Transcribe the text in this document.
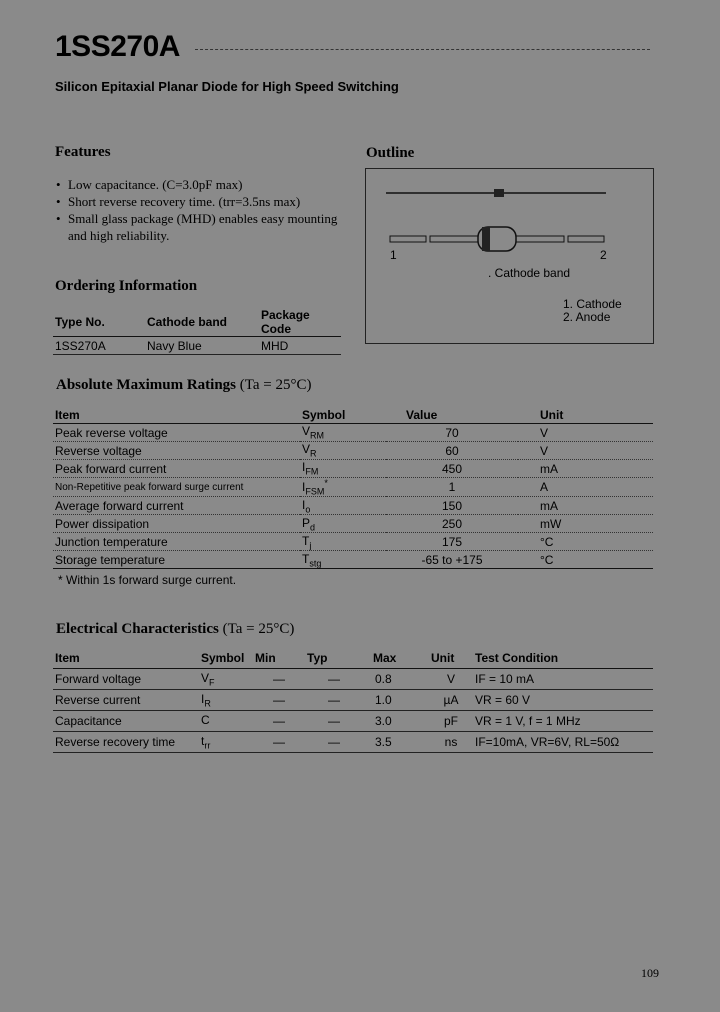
1SS270A
Silicon Epitaxial Planar Diode for High Speed Switching
Features
• Low capacitance. (C=3.0pF max)
• Short reverse recovery time. (trr=3.5ns max)
• Small glass package (MHD) enables easy mounting and high reliability.
Outline
1	2
. Cathode band
1. Cathode
2. Anode
Ordering Information
Type No.	Cathode band	Package Code
1SS270A	Navy Blue	MHD
Absolute Maximum Ratings (Ta = 25°C)
Item	Symbol	Value	Unit
Peak reverse voltage	$V_{RM}$	70	V
Reverse voltage	$V_R$	60	V
Peak forward current	$I_{FM}$	450	mA
Non-Repetitive peak forward surge current	$I_{FSM}^*$	1	A
Average forward current	$I_o$	150	mA
Power dissipation	$P_d$	250	mW
Junction temperature	$T_j$	175	°C
Storage temperature	$T_{stg}$	-65 to +175	°C
* Within 1s forward surge current.
Electrical Characteristics (Ta = 25°C)
Item	Symbol	Min	Typ	Max	Unit	Test Condition
Forward voltage	$V_F$	—	—	0.8	V	IF = 10 mA
Reverse current	$I_R$	—	—	1.0	µA	VR = 60 V
Capacitance	C	—	—	3.0	pF	VR = 1 V, f = 1 MHz
Reverse recovery time	$t_{rr}$	—	—	3.5	ns	IF=10mA, VR=6V, RL=50Ω
109
